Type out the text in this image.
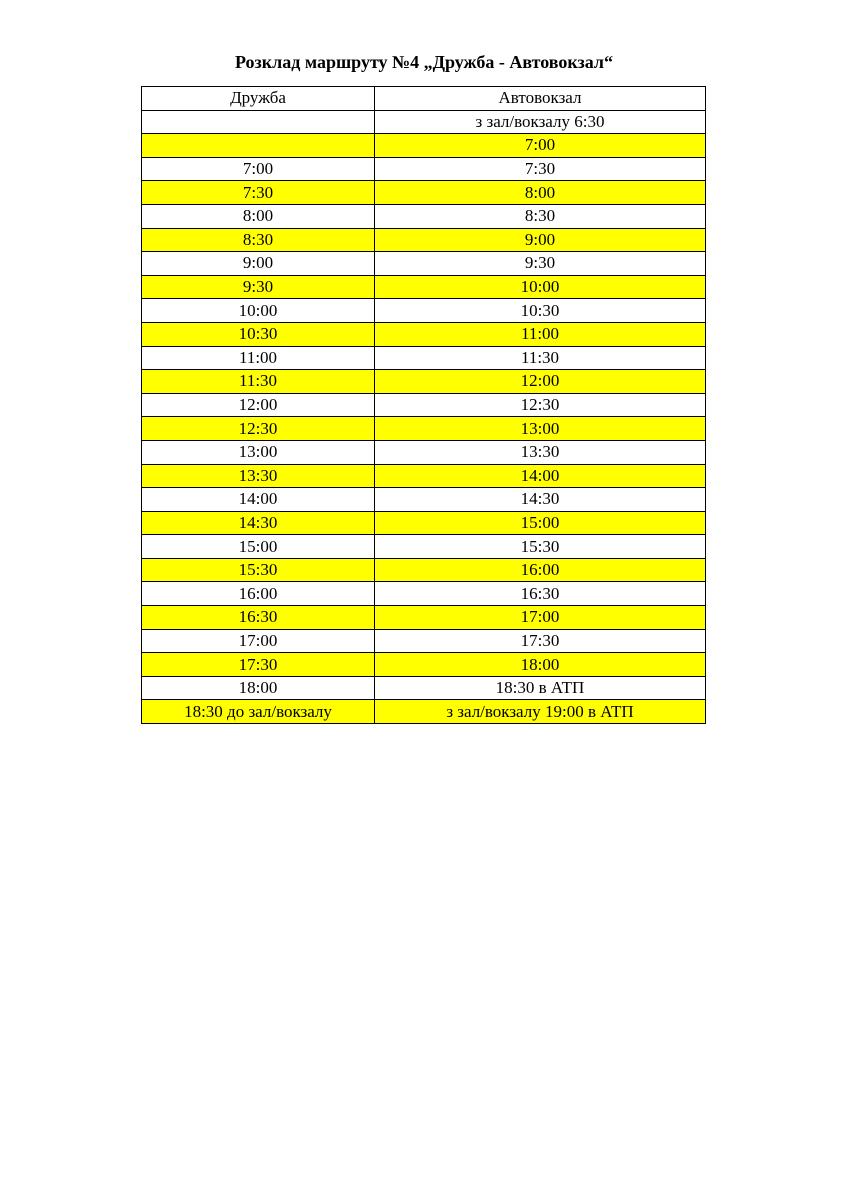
Розклад маршруту №4 „Дружба - Автовокзал“
Дружба	Автовокзал
	з зал/вокзалу 6:30
	7:00
7:00	7:30
7:30	8:00
8:00	8:30
8:30	9:00
9:00	9:30
9:30	10:00
10:00	10:30
10:30	11:00
11:00	11:30
11:30	12:00
12:00	12:30
12:30	13:00
13:00	13:30
13:30	14:00
14:00	14:30
14:30	15:00
15:00	15:30
15:30	16:00
16:00	16:30
16:30	17:00
17:00	17:30
17:30	18:00
18:00	18:30 в АТП
18:30 до зал/вокзалу	з зал/вокзалу 19:00 в АТП
